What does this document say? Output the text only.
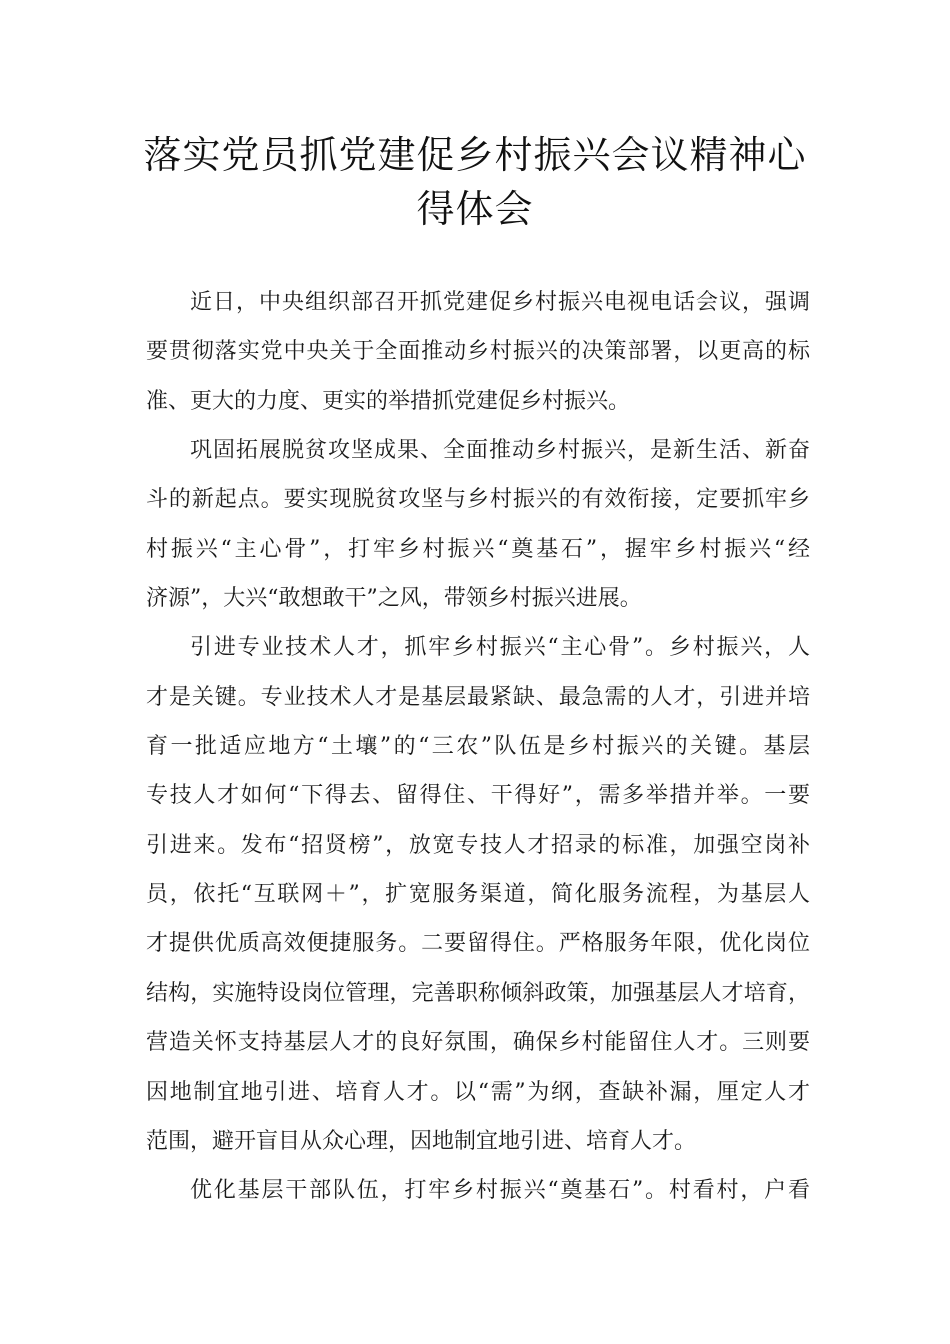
落实党员抓党建促乡村振兴会议精神心
得体会
近日，中央组织部召开抓党建促乡村振兴电视电话会议，强调
要贯彻落实党中央关于全面推动乡村振兴的决策部署，以更高的标
准、更大的力度、更实的举措抓党建促乡村振兴。
巩固拓展脱贫攻坚成果、全面推动乡村振兴，是新生活、新奋
斗的新起点。要实现脱贫攻坚与乡村振兴的有效衔接，定要抓牢乡
村振兴“主心骨”，打牢乡村振兴“奠基石”，握牢乡村振兴“经
济源”，大兴“敢想敢干”之风，带领乡村振兴进展。
引进专业技术人才，抓牢乡村振兴“主心骨”。乡村振兴，人
才是关键。专业技术人才是基层最紧缺、最急需的人才，引进并培
育一批适应地方“土壤”的“三农”队伍是乡村振兴的关键。基层
专技人才如何“下得去、留得住、干得好”，需多举措并举。一要
引进来。发布“招贤榜”，放宽专技人才招录的标准，加强空岗补
员，依托“互联网＋”，扩宽服务渠道，简化服务流程，为基层人
才提供优质高效便捷服务。二要留得住。严格服务年限，优化岗位
结构，实施特设岗位管理，完善职称倾斜政策，加强基层人才培育，
营造关怀支持基层人才的良好氛围，确保乡村能留住人才。三则要
因地制宜地引进、培育人才。以“需”为纲，查缺补漏，厘定人才
范围，避开盲目从众心理，因地制宜地引进、培育人才。
优化基层干部队伍，打牢乡村振兴“奠基石”。村看村，户看
